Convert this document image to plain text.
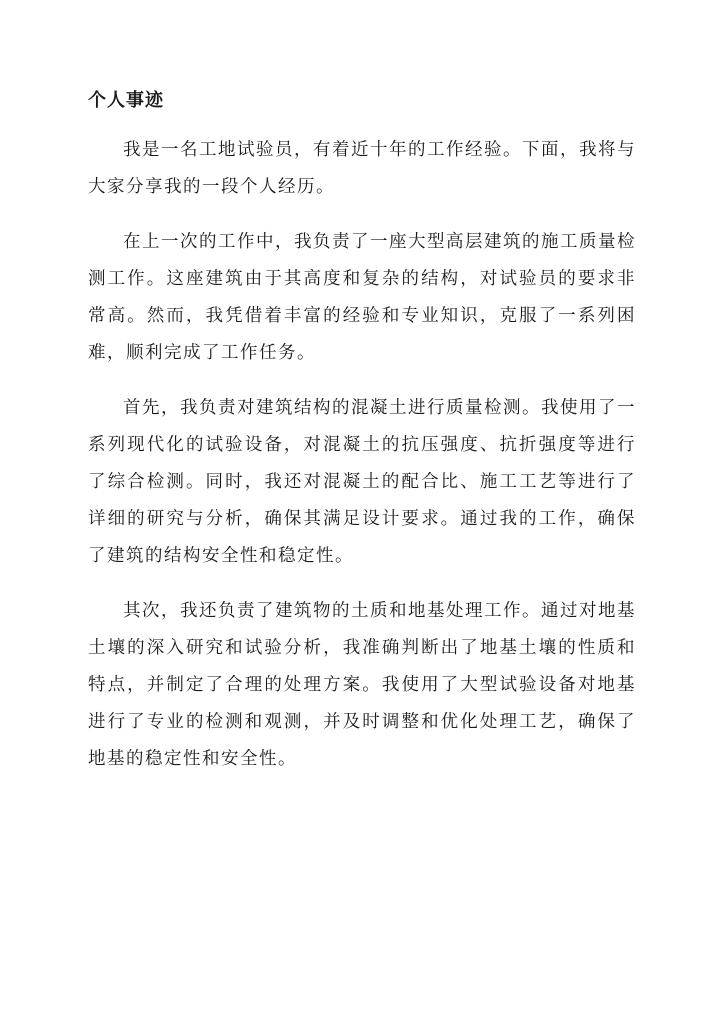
个人事迹

我是一名工地试验员，有着近十年的工作经验。下面，我将与大家分享我的一段个人经历。

在上一次的工作中，我负责了一座大型高层建筑的施工质量检测工作。这座建筑由于其高度和复杂的结构，对试验员的要求非常高。然而，我凭借着丰富的经验和专业知识，克服了一系列困难，顺利完成了工作任务。

首先，我负责对建筑结构的混凝土进行质量检测。我使用了一系列现代化的试验设备，对混凝土的抗压强度、抗折强度等进行了综合检测。同时，我还对混凝土的配合比、施工工艺等进行了详细的研究与分析，确保其满足设计要求。通过我的工作，确保了建筑的结构安全性和稳定性。

其次，我还负责了建筑物的土质和地基处理工作。通过对地基土壤的深入研究和试验分析，我准确判断出了地基土壤的性质和特点，并制定了合理的处理方案。我使用了大型试验设备对地基进行了专业的检测和观测，并及时调整和优化处理工艺，确保了地基的稳定性和安全性。
